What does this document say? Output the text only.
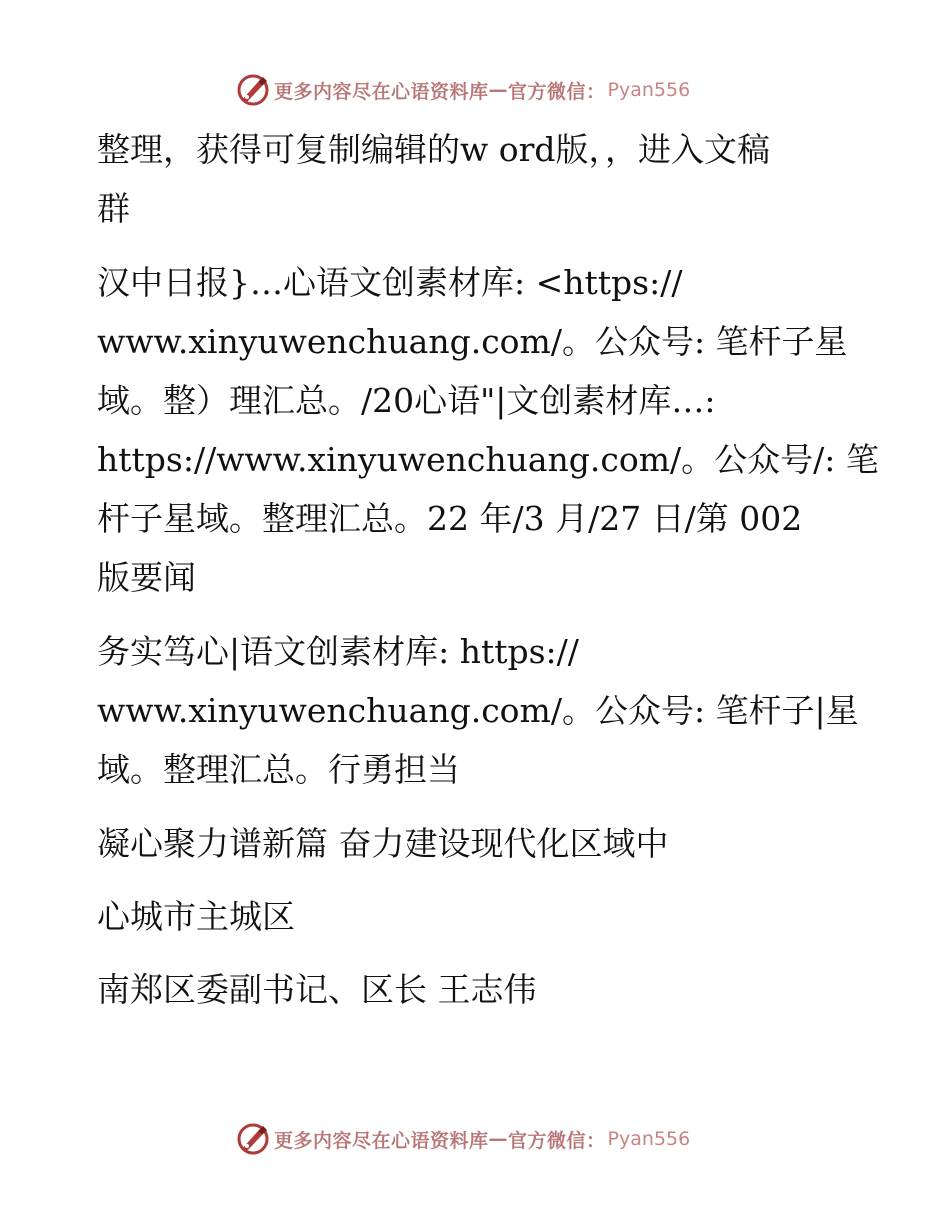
更多内容尽在心语资料库 — 官方微信： Pyan556

整理，获得可复制编辑的w ord版，，进入文稿
群

汉中日报}…心语文创素材库: <https://
www.xinyuwenchuang.com/。公众号: 笔杆子星
域。整）理汇总。/20心语"|文创素材库…:
https://www.xinyuwenchuang.com/。公众号/: 笔
杆子星域。整理汇总。22 年/3 月/27 日/第 002
版要闻

务实笃心|语文创素材库: https://
www.xinyuwenchuang.com/。公众号: 笔杆子|星
域。整理汇总。行勇担当

凝心聚力谱新篇 奋力建设现代化区域中

心城市主城区

南郑区委副书记、区长 王志伟

更多内容尽在心语资料库 — 官方微信： Pyan556
